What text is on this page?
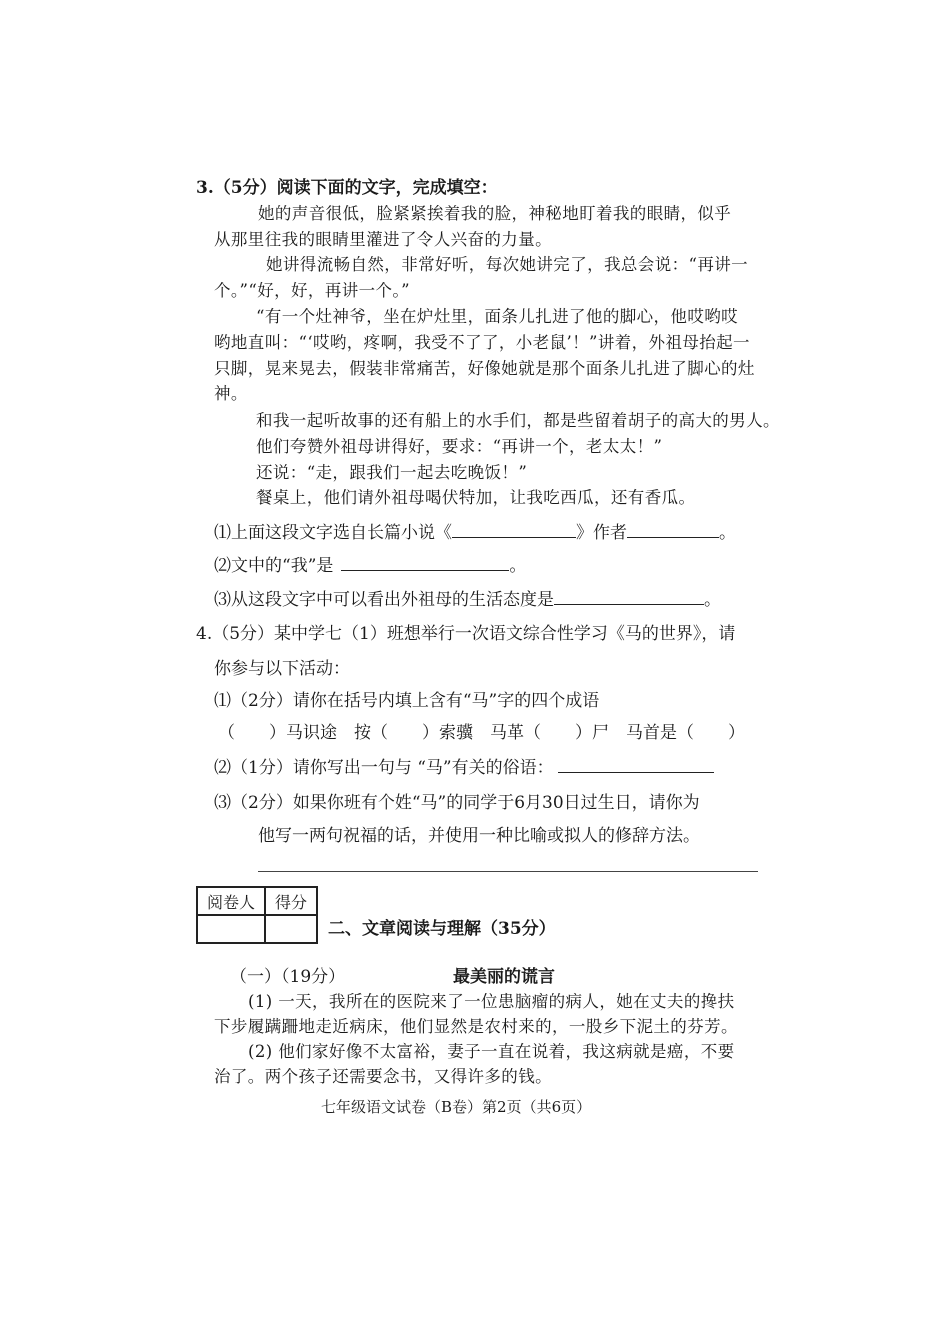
3.（5分）阅读下面的文字，完成填空：
她的声音很低，脸紧紧挨着我的脸，神秘地盯着我的眼睛，似乎
从那里往我的眼睛里灌进了令人兴奋的力量。
她讲得流畅自然，非常好听，每次她讲完了，我总会说：“再讲一
个。”“好，好，再讲一个。”
“有一个灶神爷，坐在炉灶里，面条儿扎进了他的脚心，他哎哟哎
哟地直叫：“‘哎哟，疼啊，我受不了了，小老鼠’！”讲着，外祖母抬起一
只脚，晃来晃去，假装非常痛苦，好像她就是那个面条儿扎进了脚心的灶
神。
和我一起听故事的还有船上的水手们，都是些留着胡子的高大的男人。
他们夸赞外祖母讲得好，要求：“再讲一个，老太太！”
还说：“走，跟我们一起去吃晚饭！”
餐桌上，他们请外祖母喝伏特加，让我吃西瓜，还有香瓜。
⑴上面这段文字选自长篇小说《	》作者	。
⑵文中的“我”是	。
⑶从这段文字中可以看出外祖母的生活态度是	。
4.（5分）某中学七（1）班想举行一次语文综合性学习《马的世界》，请
你参与以下活动：
⑴（2分）请你在括号内填上含有“马”字的四个成语
（　　）马识途　按（　　）索骥　马革（　　）尸　马首是（　　）
⑵（1分）请你写出一句与 “马”有关的俗语：
⑶（2分）如果你班有个姓“马”的同学于6月30日过生日，请你为
他写一两句祝福的话，并使用一种比喻或拟人的修辞方法。
阅卷人	得分

二、文章阅读与理解（35分）
（一）（19分）	最美丽的谎言
(1) 一天，我所在的医院来了一位患脑瘤的病人，她在丈夫的搀扶
下步履蹒跚地走近病床，他们显然是农村来的，一股乡下泥土的芬芳。
(2) 他们家好像不太富裕，妻子一直在说着，我这病就是癌，不要
治了。两个孩子还需要念书，又得许多的钱。
七年级语文试卷（B卷）第2页（共6页）
